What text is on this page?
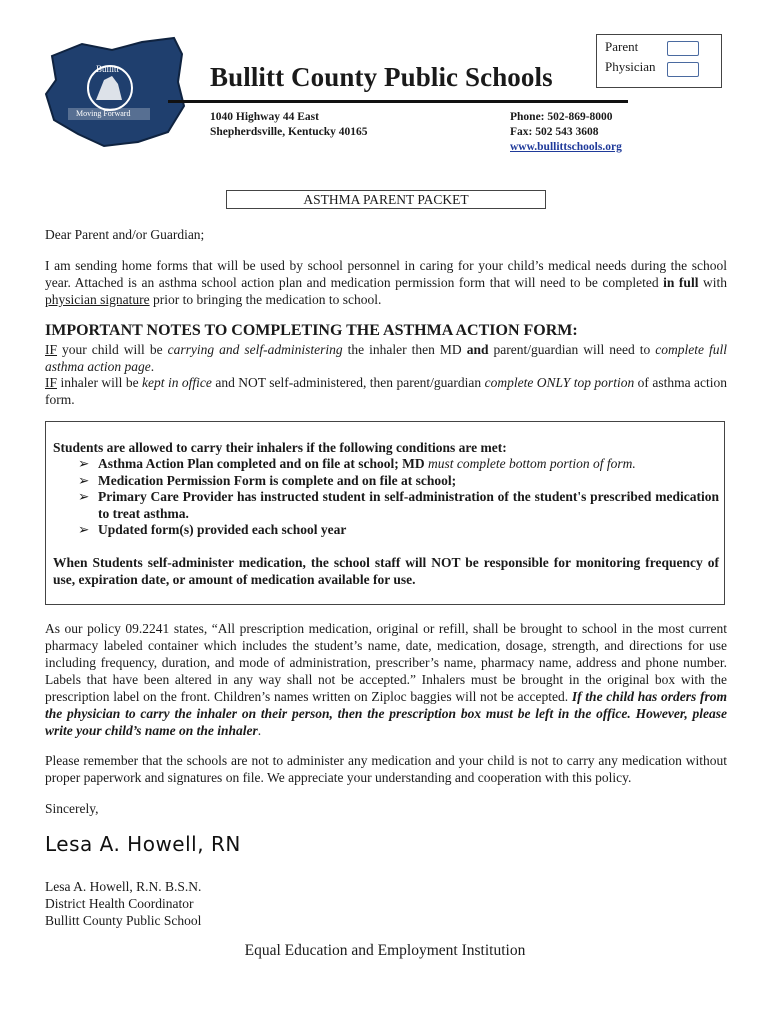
Bullitt
Moving Forward
Bullitt County Public Schools
1040 Highway 44 East
Shepherdsville, Kentucky 40165
Phone: 502-869-8000
Fax: 502 543 3608
www.bullittschools.org
Parent
Physician
ASTHMA PARENT PACKET
Dear Parent and/or Guardian;
I am sending home forms that will be used by school personnel in caring for your child’s medical needs during the school year. Attached is an asthma school action plan and medication permission form that will need to be completed in full with physician signature prior to bringing the medication to school.
IMPORTANT NOTES TO COMPLETING THE ASTHMA ACTION FORM:
IF your child will be carrying and self-administering the inhaler then MD and parent/guardian will need to complete full asthma action page.
IF inhaler will be kept in office and NOT self-administered, then parent/guardian complete ONLY top portion of asthma action form.
Students are allowed to carry their inhalers if the following conditions are met:
➢ Asthma Action Plan completed and on file at school; MD must complete bottom portion of form.
➢ Medication Permission Form is complete and on file at school;
➢ Primary Care Provider has instructed student in self-administration of the student's prescribed medication to treat asthma.
➢ Updated form(s) provided each school year
When Students self-administer medication, the school staff will NOT be responsible for monitoring frequency of use, expiration date, or amount of medication available for use.
As our policy 09.2241 states, “All prescription medication, original or refill, shall be brought to school in the most current pharmacy labeled container which includes the student’s name, date, medication, dosage, strength, and directions for use including frequency, duration, and mode of administration, prescriber’s name, pharmacy name, address and phone number. Labels that have been altered in any way shall not be accepted.” Inhalers must be brought in the original box with the prescription label on the front. Children’s names written on Ziploc baggies will not be accepted. If the child has orders from the physician to carry the inhaler on their person, then the prescription box must be left in the office. However, please write your child’s name on the inhaler.
Please remember that the schools are not to administer any medication and your child is not to carry any medication without proper paperwork and signatures on file. We appreciate your understanding and cooperation with this policy.
Sincerely,
Lesa A. Howell, RN
Lesa A. Howell, R.N. B.S.N.
District Health Coordinator
Bullitt County Public School
Equal Education and Employment Institution
